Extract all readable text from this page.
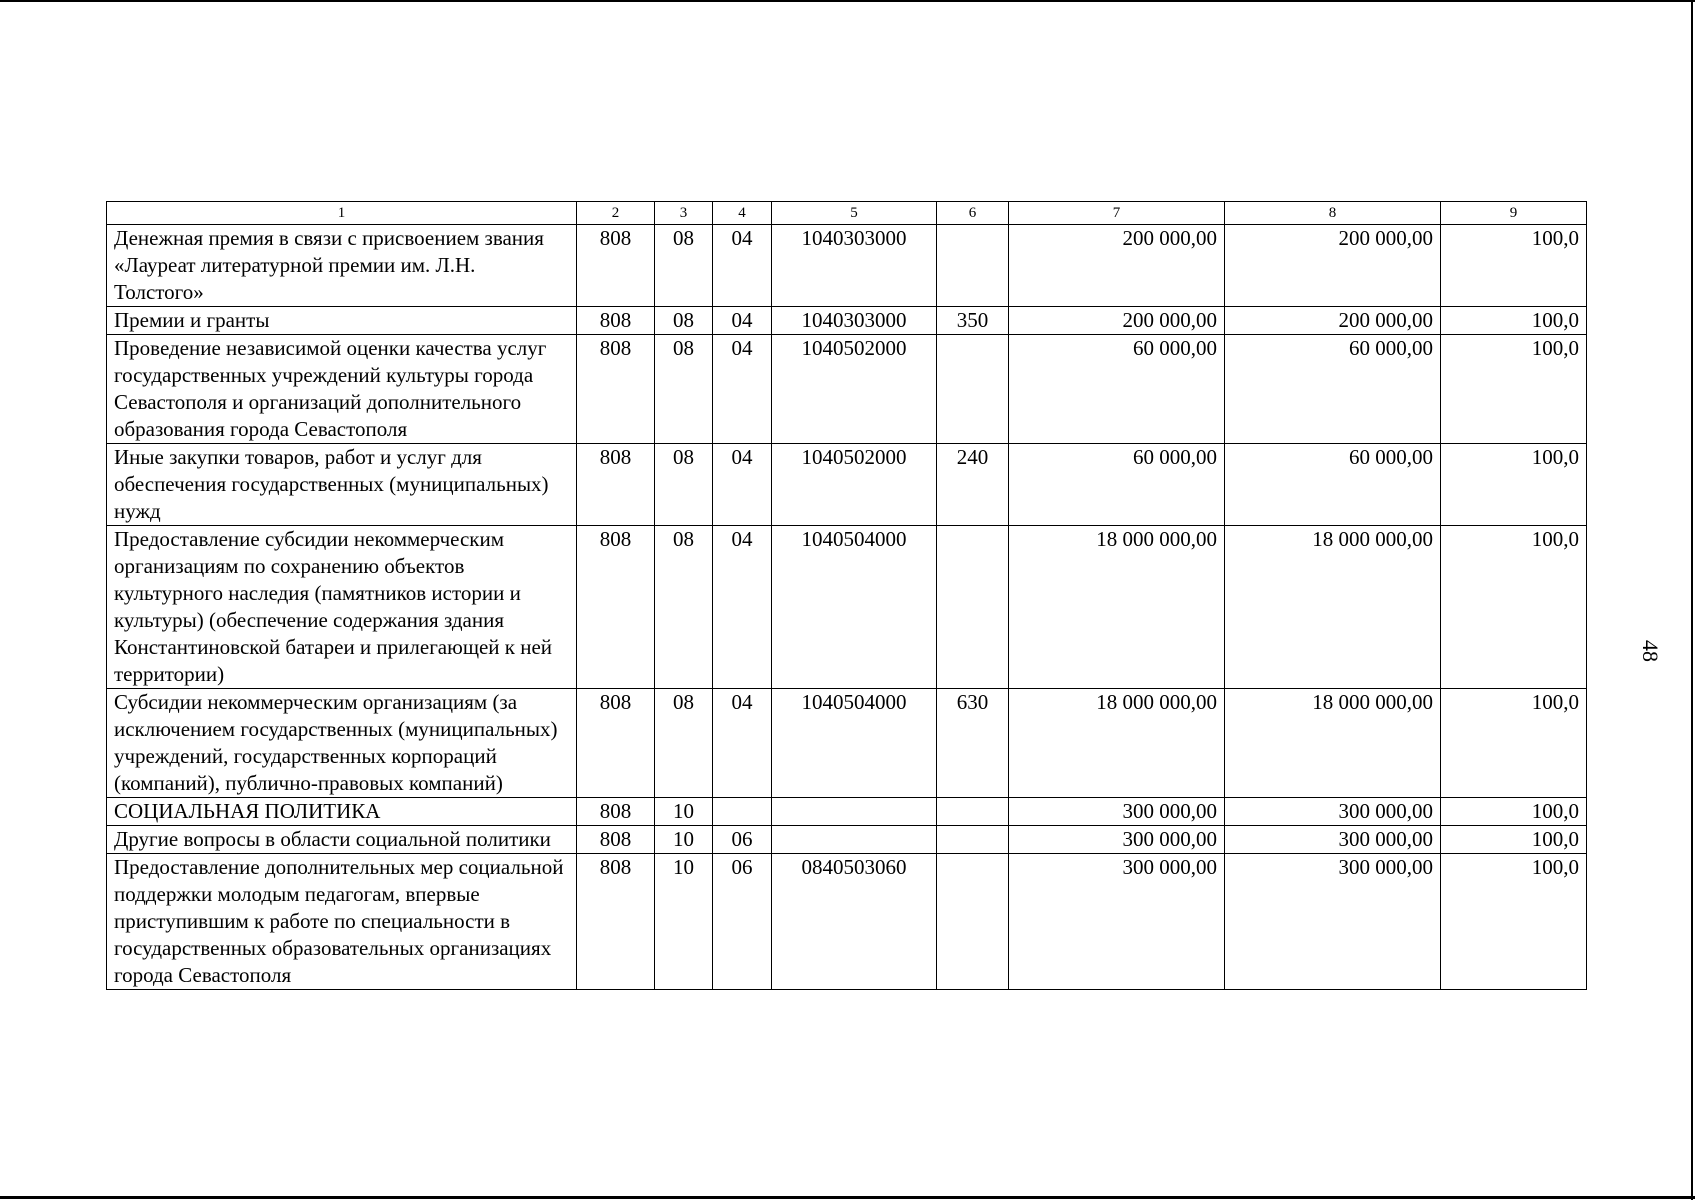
1	2	3	4	5	6	7	8	9
Денежная премия в связи с присвоением звания «Лауреат литературной премии им. Л.Н. Толстого»	808	08	04	1040303000		200 000,00	200 000,00	100,0
Премии и гранты	808	08	04	1040303000	350	200 000,00	200 000,00	100,0
Проведение независимой оценки качества услуг государственных учреждений культуры города Севастополя и организаций дополнительного образования города Севастополя	808	08	04	1040502000		60 000,00	60 000,00	100,0
Иные закупки товаров, работ и услуг для обеспечения государственных (муниципальных) нужд	808	08	04	1040502000	240	60 000,00	60 000,00	100,0
Предоставление субсидии некоммерческим организациям по сохранению объектов культурного наследия (памятников истории и культуры) (обеспечение содержания здания Константиновской батареи и прилегающей к ней территории)	808	08	04	1040504000		18 000 000,00	18 000 000,00	100,0
Субсидии некоммерческим организациям (за исключением государственных (муниципальных) учреждений, государственных корпораций (компаний), публично-правовых компаний)	808	08	04	1040504000	630	18 000 000,00	18 000 000,00	100,0
СОЦИАЛЬНАЯ ПОЛИТИКА	808	10				300 000,00	300 000,00	100,0
Другие вопросы в области социальной политики	808	10	06			300 000,00	300 000,00	100,0
Предоставление дополнительных мер социальной поддержки молодым педагогам, впервые приступившим к работе по специальности в государственных образовательных организациях города Севастополя	808	10	06	0840503060		300 000,00	300 000,00	100,0
48
